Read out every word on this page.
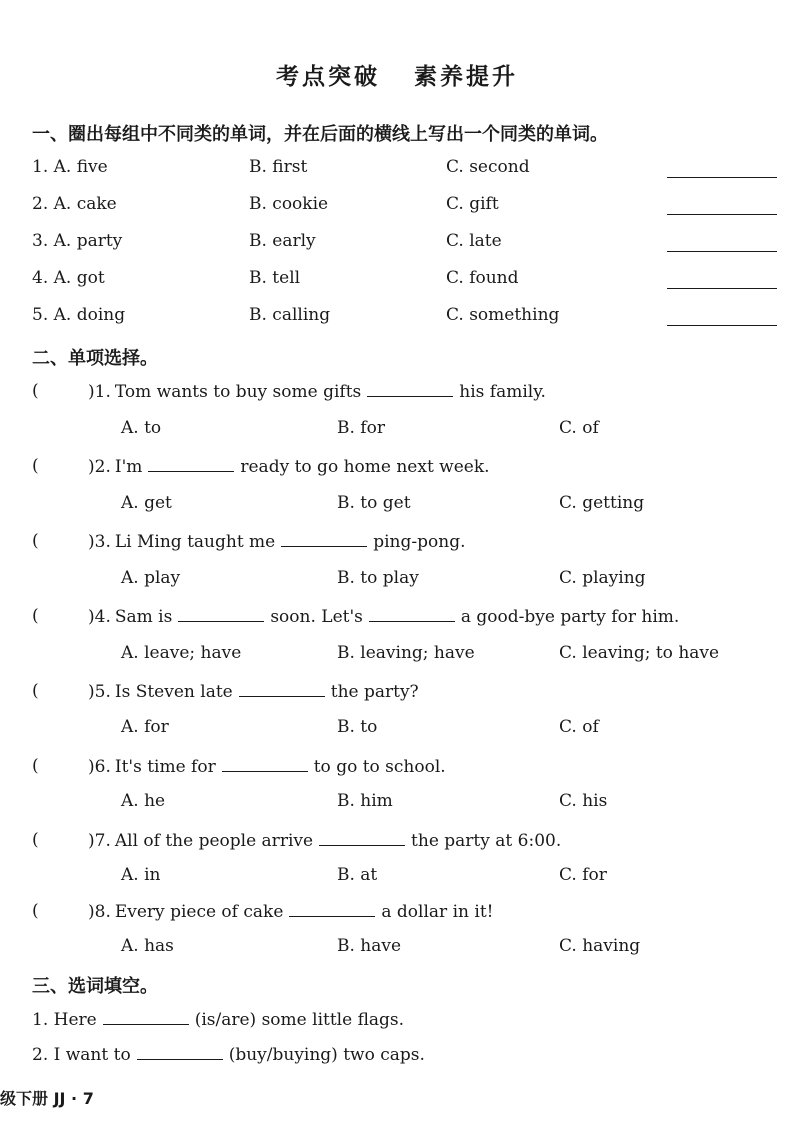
考点突破 素养提升
一、圈出每组中不同类的单词，并在后面的横线上写出一个同类的单词。
1. A. five	B. first	C. second
2. A. cake	B. cookie	C. gift
3. A. party	B. early	C. late
4. A. got	B. tell	C. found
5. A. doing	B. calling	C. something
二、单项选择。
(	)1. Tom wants to buy some gifts	his family.
A. to	B. for	C. of
(	)2. I'm	ready to go home next week.
A. get	B. to get	C. getting
(	)3. Li Ming taught me	ping-pong.
A. play	B. to play	C. playing
(	)4. Sam is	soon. Let's	a good-bye party for him.
A. leave; have	B. leaving; have	C. leaving; to have
(	)5. Is Steven late	the party?
A. for	B. to	C. of
(	)6. It's time for	to go to school.
A. he	B. him	C. his
(	)7. All of the people arrive	the party at 6:00.
A. in	B. at	C. for
(	)8. Every piece of cake	a dollar in it!
A. has	B. have	C. having
三、选词填空。
1. Here	(is/are) some little flags.
2. I want to	(buy/buying) two caps.
级下册 JJ · 7
